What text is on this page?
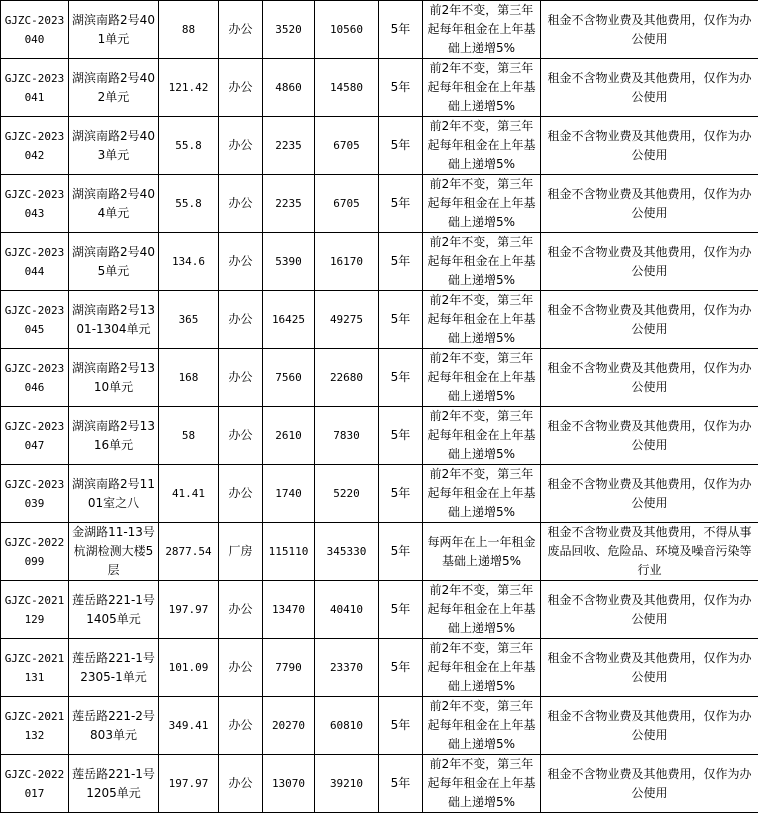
GJZC-2023040	湖滨南路2号401单元	88	办公	3520	10560	5年	前2年不变，第三年起每年租金在上年基础上递增5%	租金不含物业费及其他费用，仅作为办公使用
GJZC-2023041	湖滨南路2号402单元	121.42	办公	4860	14580	5年	前2年不变，第三年起每年租金在上年基础上递增5%	租金不含物业费及其他费用，仅作为办公使用
GJZC-2023042	湖滨南路2号403单元	55.8	办公	2235	6705	5年	前2年不变，第三年起每年租金在上年基础上递增5%	租金不含物业费及其他费用，仅作为办公使用
GJZC-2023043	湖滨南路2号404单元	55.8	办公	2235	6705	5年	前2年不变，第三年起每年租金在上年基础上递增5%	租金不含物业费及其他费用，仅作为办公使用
GJZC-2023044	湖滨南路2号405单元	134.6	办公	5390	16170	5年	前2年不变，第三年起每年租金在上年基础上递增5%	租金不含物业费及其他费用，仅作为办公使用
GJZC-2023045	湖滨南路2号1301-1304单元	365	办公	16425	49275	5年	前2年不变，第三年起每年租金在上年基础上递增5%	租金不含物业费及其他费用，仅作为办公使用
GJZC-2023046	湖滨南路2号1310单元	168	办公	7560	22680	5年	前2年不变，第三年起每年租金在上年基础上递增5%	租金不含物业费及其他费用，仅作为办公使用
GJZC-2023047	湖滨南路2号1316单元	58	办公	2610	7830	5年	前2年不变，第三年起每年租金在上年基础上递增5%	租金不含物业费及其他费用，仅作为办公使用
GJZC-2023039	湖滨南路2号1101室之八	41.41	办公	1740	5220	5年	前2年不变，第三年起每年租金在上年基础上递增5%	租金不含物业费及其他费用，仅作为办公使用
GJZC-2022099	金湖路11-13号杭湖检测大楼5层	2877.54	厂房	115110	345330	5年	每两年在上一年租金基础上递增5%	租金不含物业费及其他费用，不得从事废品回收、危险品、环境及噪音污染等行业
GJZC-2021129	莲岳路221-1号1405单元	197.97	办公	13470	40410	5年	前2年不变，第三年起每年租金在上年基础上递增5%	租金不含物业费及其他费用，仅作为办公使用
GJZC-2021131	莲岳路221-1号2305-1单元	101.09	办公	7790	23370	5年	前2年不变，第三年起每年租金在上年基础上递增5%	租金不含物业费及其他费用，仅作为办公使用
GJZC-2021132	莲岳路221-2号803单元	349.41	办公	20270	60810	5年	前2年不变，第三年起每年租金在上年基础上递增5%	租金不含物业费及其他费用，仅作为办公使用
GJZC-2022017	莲岳路221-1号1205单元	197.97	办公	13070	39210	5年	前2年不变，第三年起每年租金在上年基础上递增5%	租金不含物业费及其他费用，仅作为办公使用
